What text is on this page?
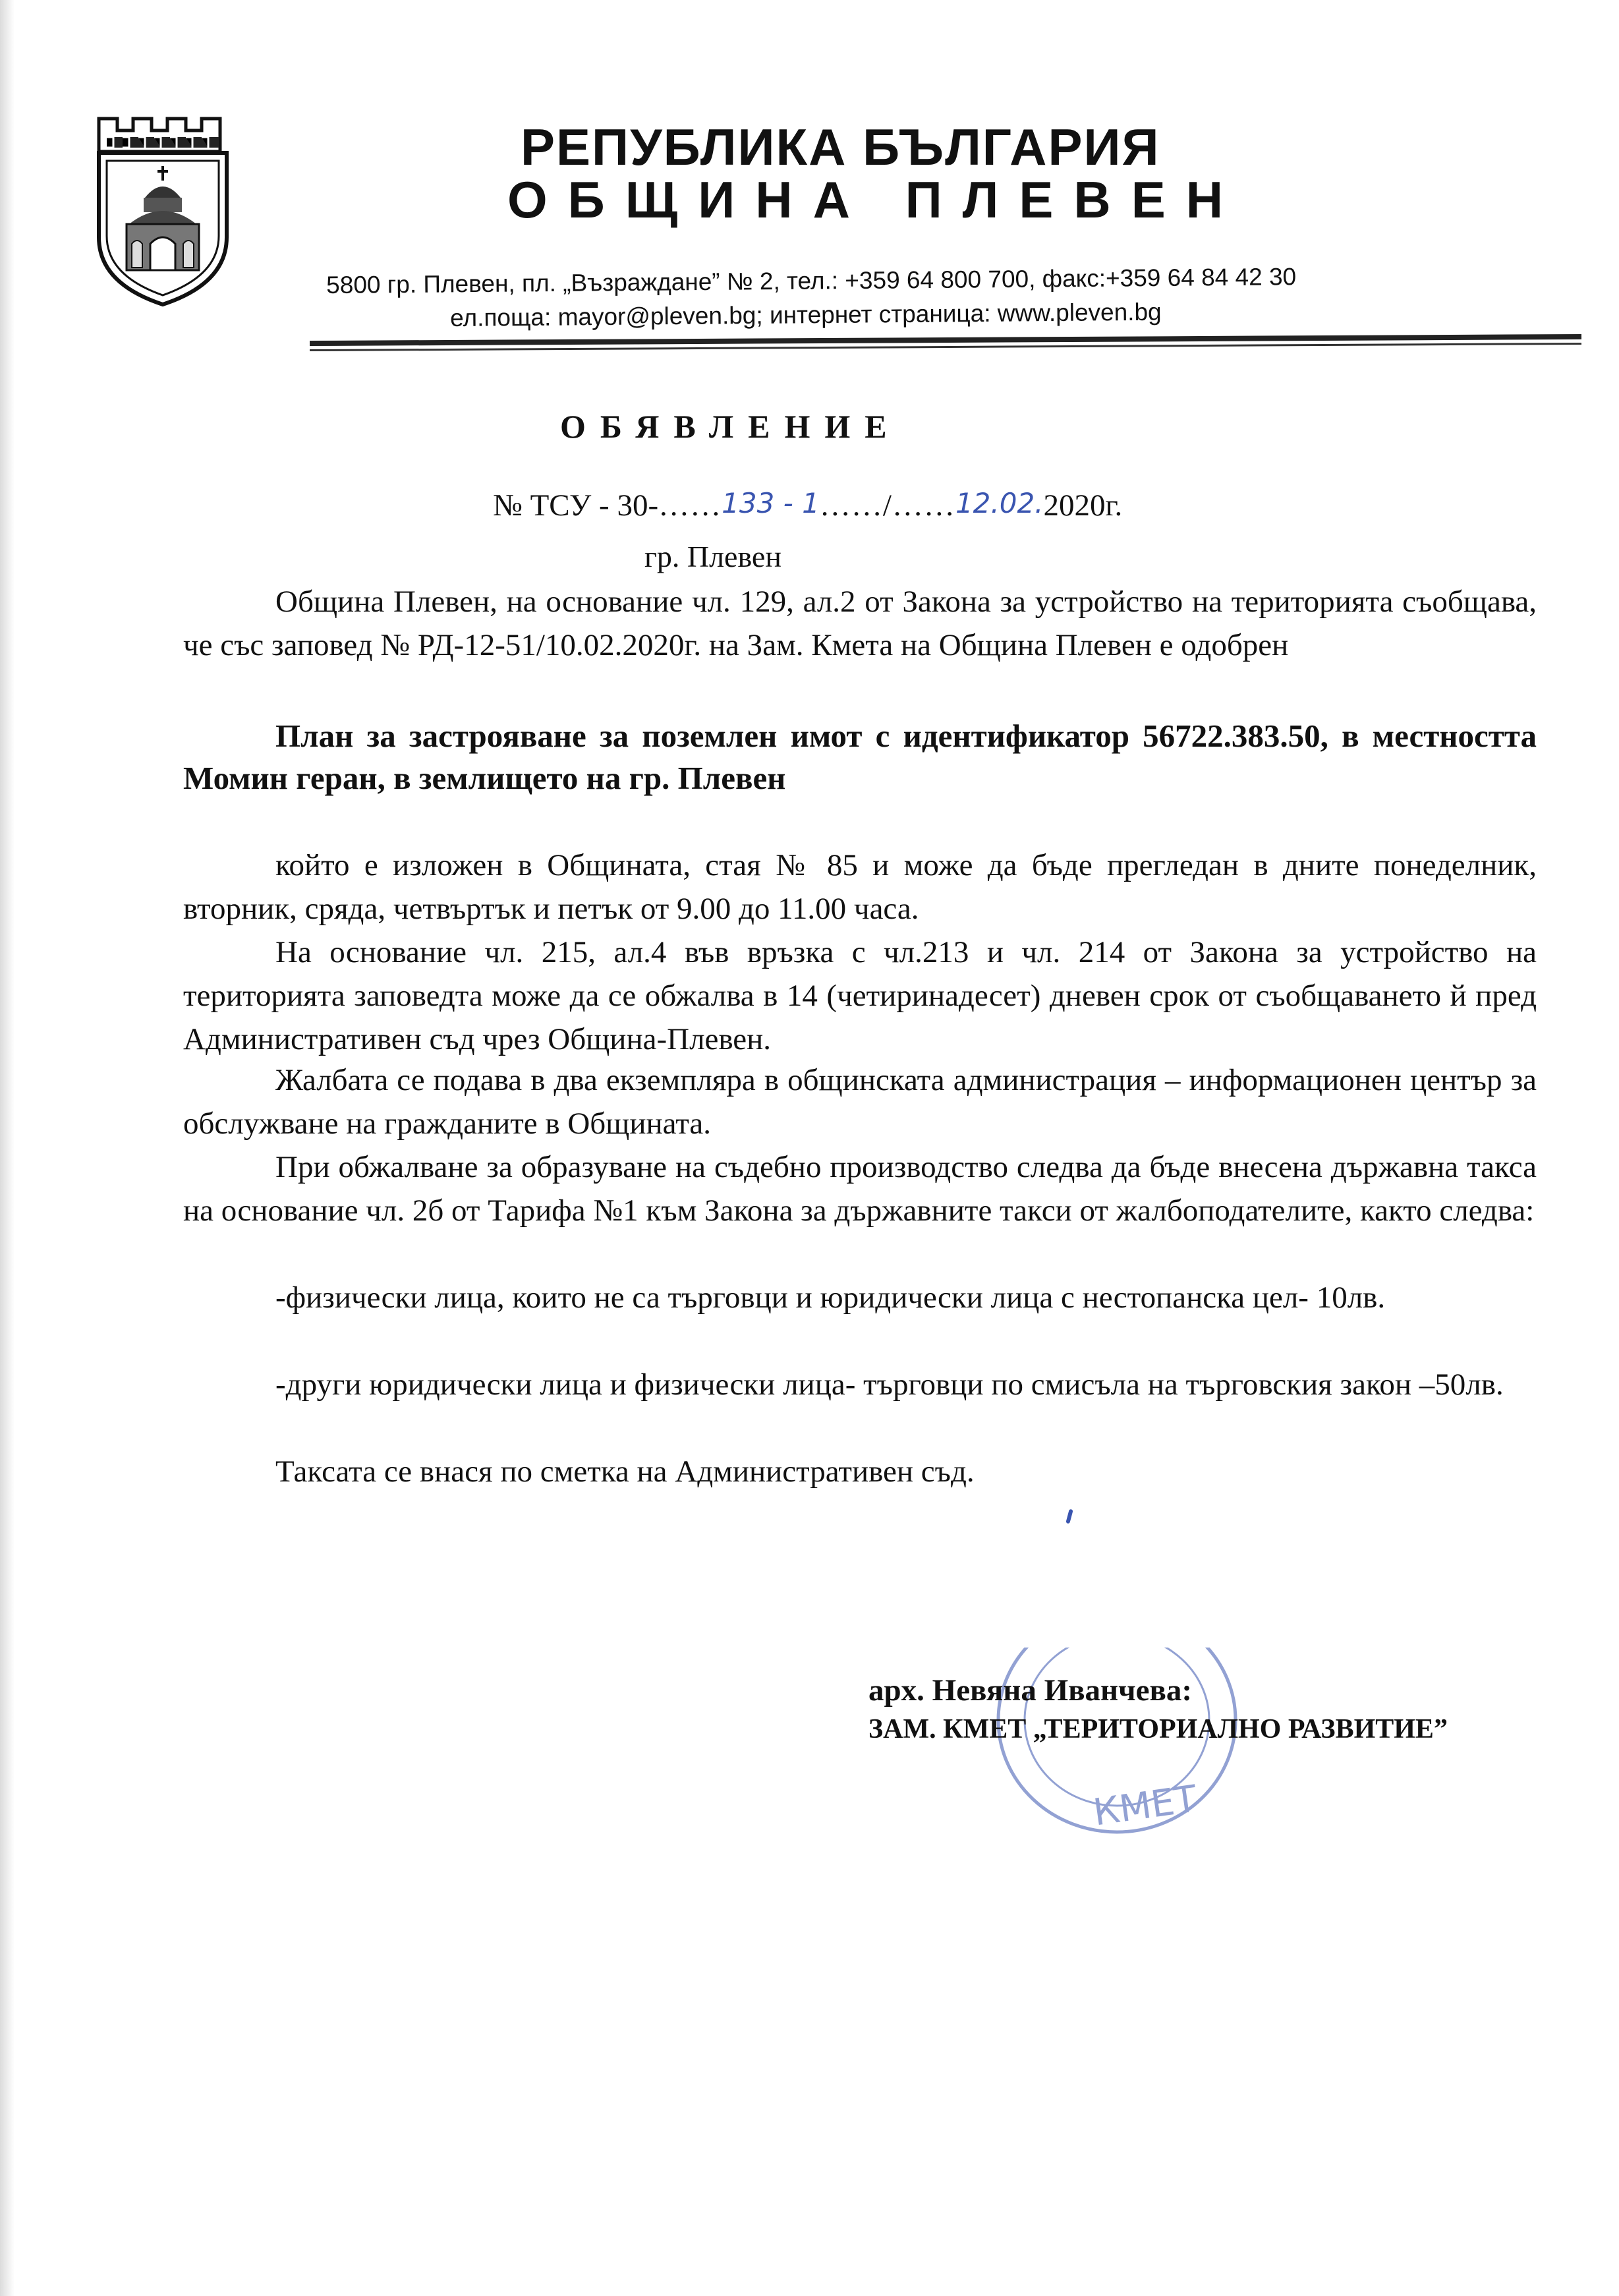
РЕПУБЛИКА БЪЛГАРИЯ
ОБЩИНА ПЛЕВЕН
5800 гр. Плевен, пл. „Възраждане” № 2, тел.: +359 64 800 700, факс:+359 64 84 42 30
ел.поща: mayor@pleven.bg; интернет страница: www.pleven.bg
ОБЯВЛЕНИЕ
№ ТСУ - 30-……133 - 1……/……12.02.2020г.
гр. Плевен
Община Плевен, на основание чл. 129, ал.2 от Закона за устройство на територията съобщава, че със заповед № РД-12-51/10.02.2020г. на Зам. Кмета на Община Плевен е одобрен
План за застрояване за поземлен имот с идентификатор 56722.383.50, в местността Момин геран, в землището на гр. Плевен
който е изложен в Общината, стая № 85 и може да бъде прегледан в дните понеделник, вторник, сряда, четвъртък и петък от 9.00 до 11.00 часа.
На основание чл. 215, ал.4 във връзка с чл.213 и чл. 214 от Закона за устройство на територията заповедта може да се обжалва в 14 (четиринадесет) дневен срок от съобщаването й пред Административен съд чрез Община-Плевен.
Жалбата се подава в два екземпляра в общинската администрация – информационен център за обслужване на гражданите в Общината.
При обжалване за образуване на съдебно производство следва да бъде внесена държавна такса на основание чл. 2б от Тарифа №1 към Закона за държавните такси от жалбоподателите, както следва:
-физически лица, които не са търговци и юридически лица с нестопанска цел- 10лв.
-други юридически лица и физически лица- търговци по смисъла на търговския закон –50лв.
Таксата се внася по сметка на Административен съд.
КМЕТ
арх. Невяна Иванчева:
ЗАМ. КМЕТ „ТЕРИТОРИАЛНО РАЗВИТИЕ”
